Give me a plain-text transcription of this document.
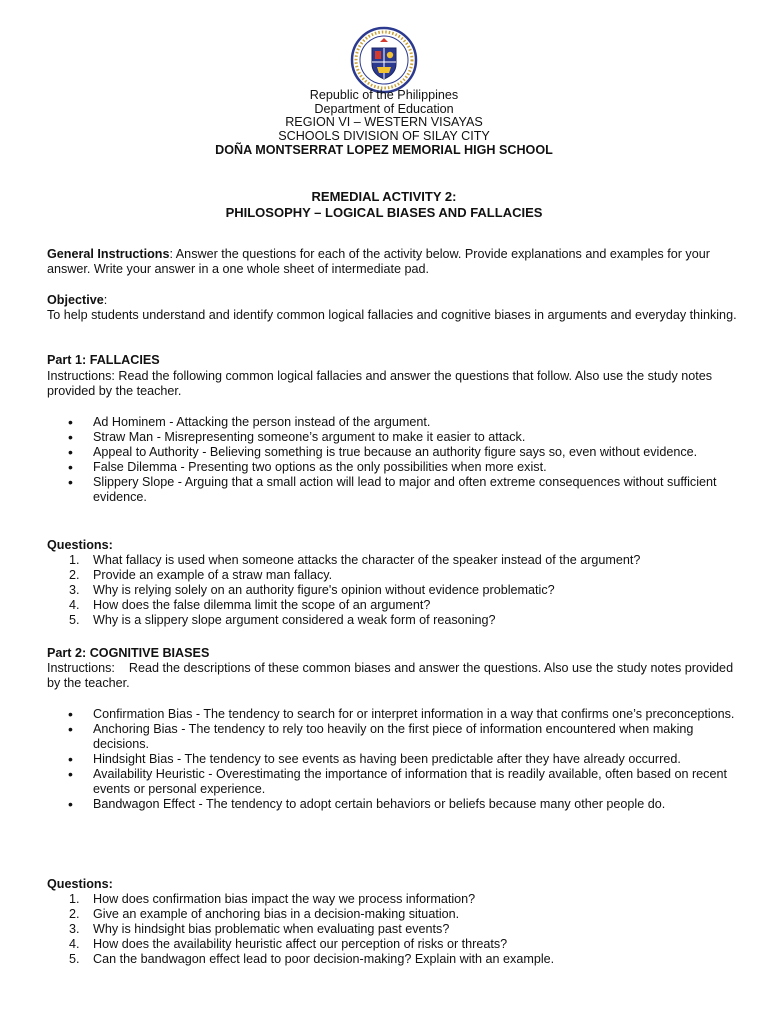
Republic of the Philippines
Department of Education
REGION VI – WESTERN VISAYAS
SCHOOLS DIVISION OF SILAY CITY
DOÑA MONTSERRAT LOPEZ MEMORIAL HIGH SCHOOL
REMEDIAL ACTIVITY 2:
PHILOSOPHY – LOGICAL BIASES AND FALLACIES
General Instructions: Answer the questions for each of the activity below. Provide explanations and examples for your answer. Write your answer in a one whole sheet of intermediate pad.
Objective:
To help students understand and identify common logical fallacies and cognitive biases in arguments and everyday thinking.
Part 1: FALLACIES
Instructions: Read the following common logical fallacies and answer the questions that follow. Also use the study notes provided by the teacher.
• Ad Hominem - Attacking the person instead of the argument.
• Straw Man - Misrepresenting someone’s argument to make it easier to attack.
• Appeal to Authority - Believing something is true because an authority figure says so, even without evidence.
• False Dilemma - Presenting two options as the only possibilities when more exist.
• Slippery Slope - Arguing that a small action will lead to major and often extreme consequences without sufficient evidence.
Questions:
What fallacy is used when someone attacks the character of the speaker instead of the argument?
Provide an example of a straw man fallacy.
Why is relying solely on an authority figure's opinion without evidence problematic?
How does the false dilemma limit the scope of an argument?
Why is a slippery slope argument considered a weak form of reasoning?
Part 2: COGNITIVE BIASES
Instructions: Read the descriptions of these common biases and answer the questions. Also use the study notes provided by the teacher.
• Confirmation Bias - The tendency to search for or interpret information in a way that confirms one’s preconceptions.
• Anchoring Bias - The tendency to rely too heavily on the first piece of information encountered when making decisions.
• Hindsight Bias - The tendency to see events as having been predictable after they have already occurred.
• Availability Heuristic - Overestimating the importance of information that is readily available, often based on recent events or personal experience.
• Bandwagon Effect - The tendency to adopt certain behaviors or beliefs because many other people do.
Questions:
How does confirmation bias impact the way we process information?
Give an example of anchoring bias in a decision-making situation.
Why is hindsight bias problematic when evaluating past events?
How does the availability heuristic affect our perception of risks or threats?
Can the bandwagon effect lead to poor decision-making? Explain with an example.
